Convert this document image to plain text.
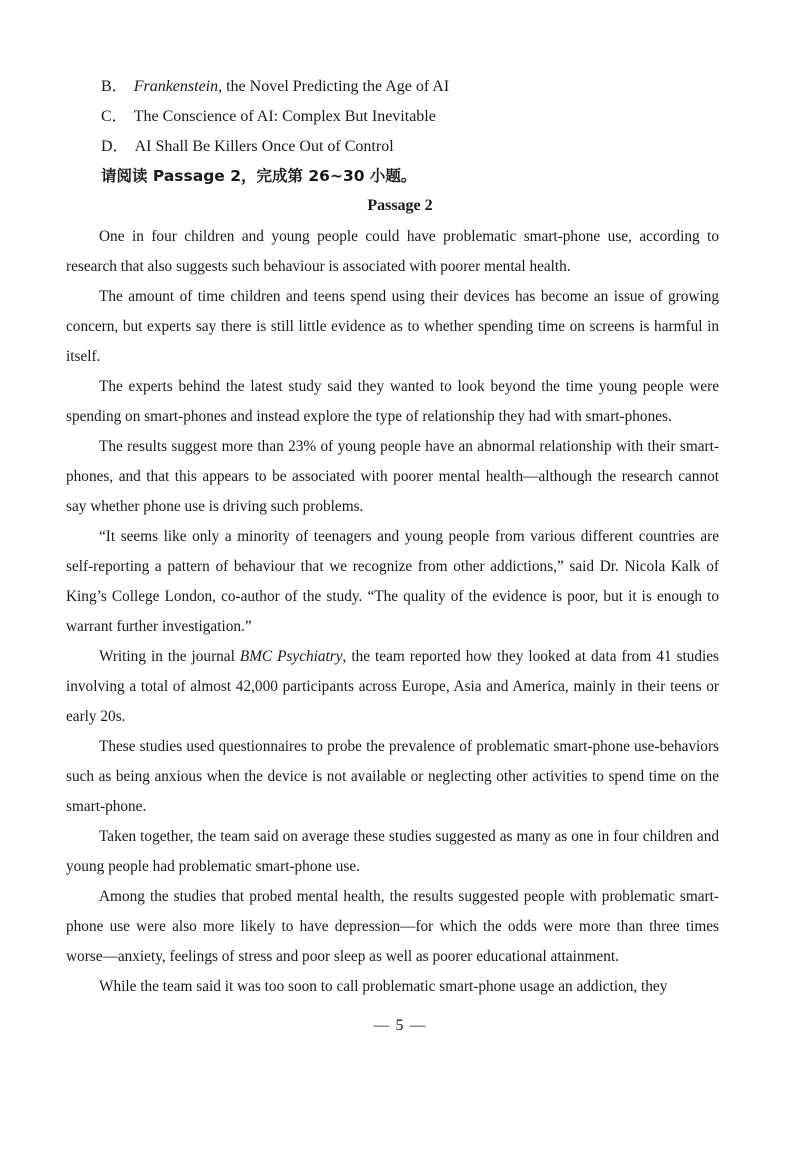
B． Frankenstein, the Novel Predicting the Age of AI
C． The Conscience of AI: Complex But Inevitable
D． AI Shall Be Killers Once Out of Control
请阅读 Passage 2，完成第 26~30 小题。
Passage 2

One in four children and young people could have problematic smart-phone use, according to research that also suggests such behaviour is associated with poorer mental health.

The amount of time children and teens spend using their devices has become an issue of growing concern, but experts say there is still little evidence as to whether spending time on screens is harmful in itself.

The experts behind the latest study said they wanted to look beyond the time young people were spending on smart-phones and instead explore the type of relationship they had with smart-phones.

The results suggest more than 23% of young people have an abnormal relationship with their smart-phones, and that this appears to be associated with poorer mental health—although the research cannot say whether phone use is driving such problems.

“It seems like only a minority of teenagers and young people from various different countries are self-reporting a pattern of behaviour that we recognize from other addictions,” said Dr. Nicola Kalk of King’s College London, co-author of the study. “The quality of the evidence is poor, but it is enough to warrant further investigation.”

Writing in the journal BMC Psychiatry, the team reported how they looked at data from 41 studies involving a total of almost 42,000 participants across Europe, Asia and America, mainly in their teens or early 20s.

These studies used questionnaires to probe the prevalence of problematic smart-phone use-behaviors such as being anxious when the device is not available or neglecting other activities to spend time on the smart-phone.

Taken together, the team said on average these studies suggested as many as one in four children and young people had problematic smart-phone use.

Among the studies that probed mental health, the results suggested people with problematic smart-phone use were also more likely to have depression—for which the odds were more than three times worse—anxiety, feelings of stress and poor sleep as well as poorer educational attainment.

While the team said it was too soon to call problematic smart-phone usage an addiction, they

— 5 —
